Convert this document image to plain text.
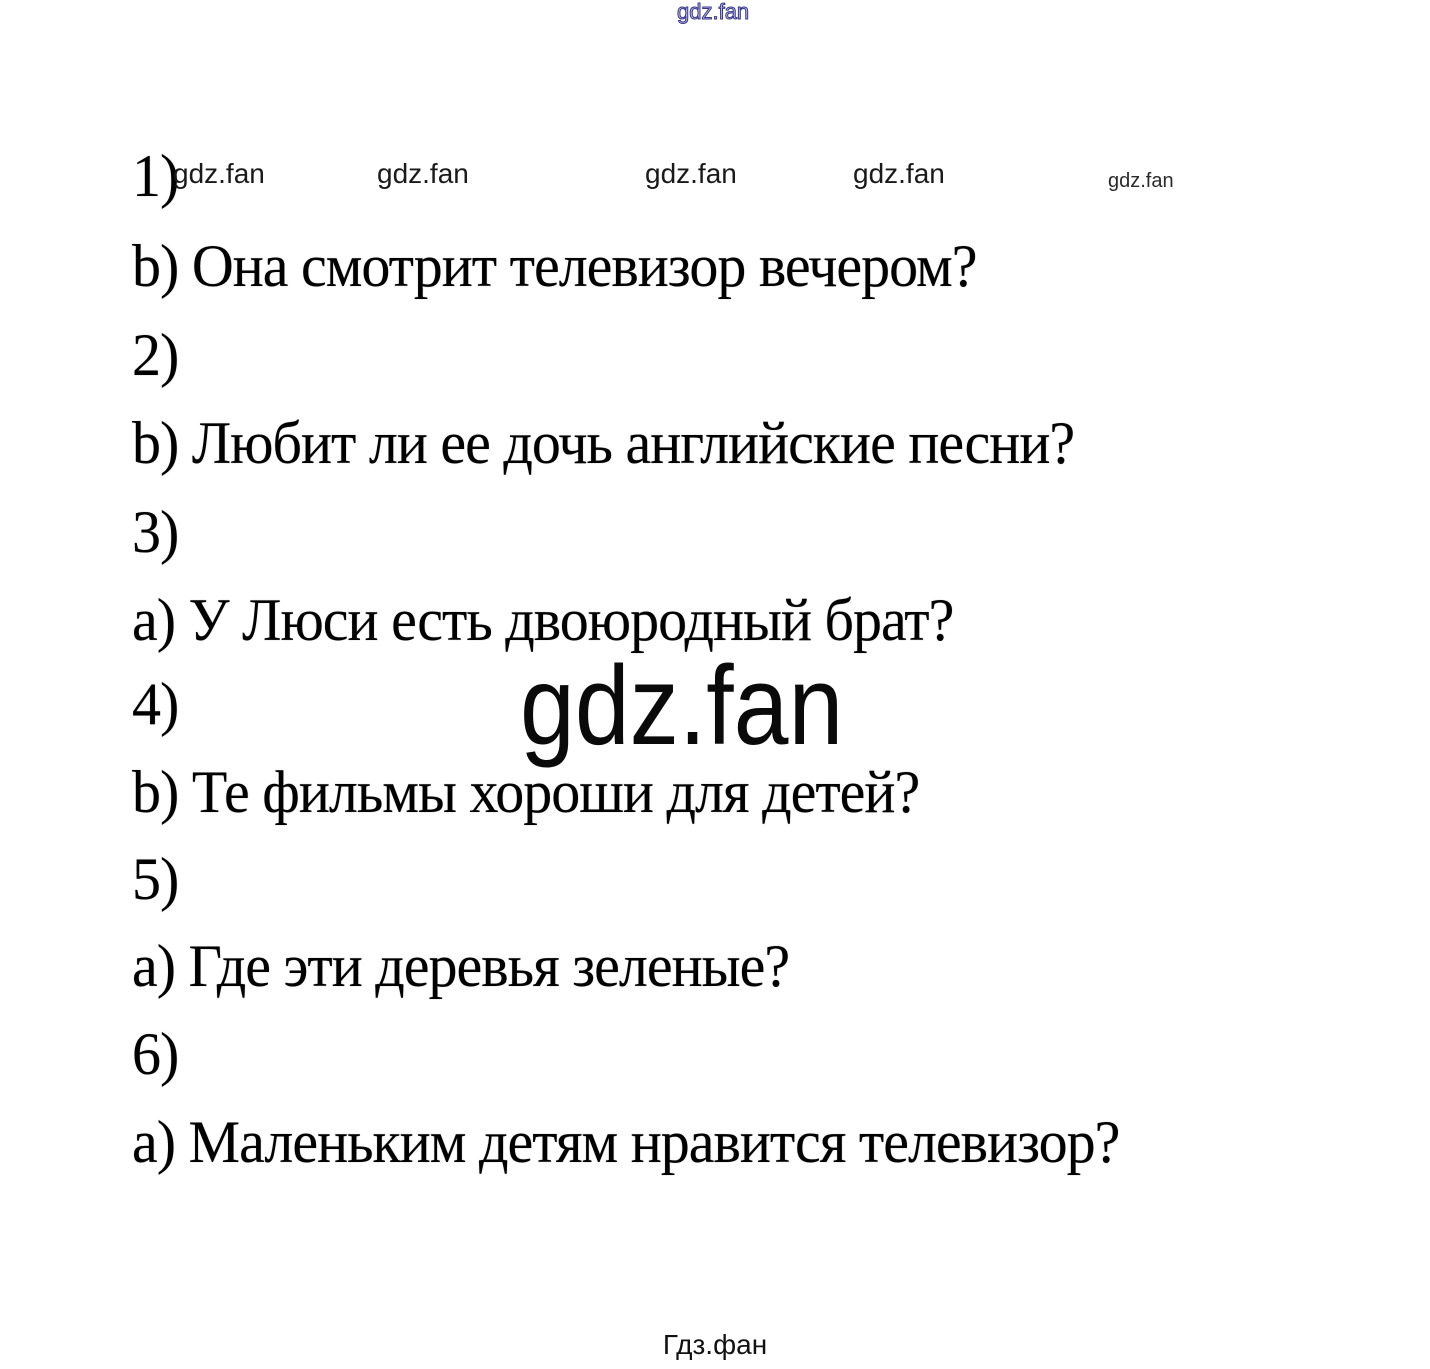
gdz.fan
1)
gdz.fan	gdz.fan	gdz.fan	gdz.fan	gdz.fan
b) Она смотрит телевизор вечером?
2)
b) Любит ли ее дочь английские песни?
3)
a) У Люси есть двоюродный брат?
4)	gdz.fan
b) Те фильмы хороши для детей?
5)
a) Где эти деревья зеленые?
6)
a) Маленьким детям нравится телевизор?
Гдз.фан
